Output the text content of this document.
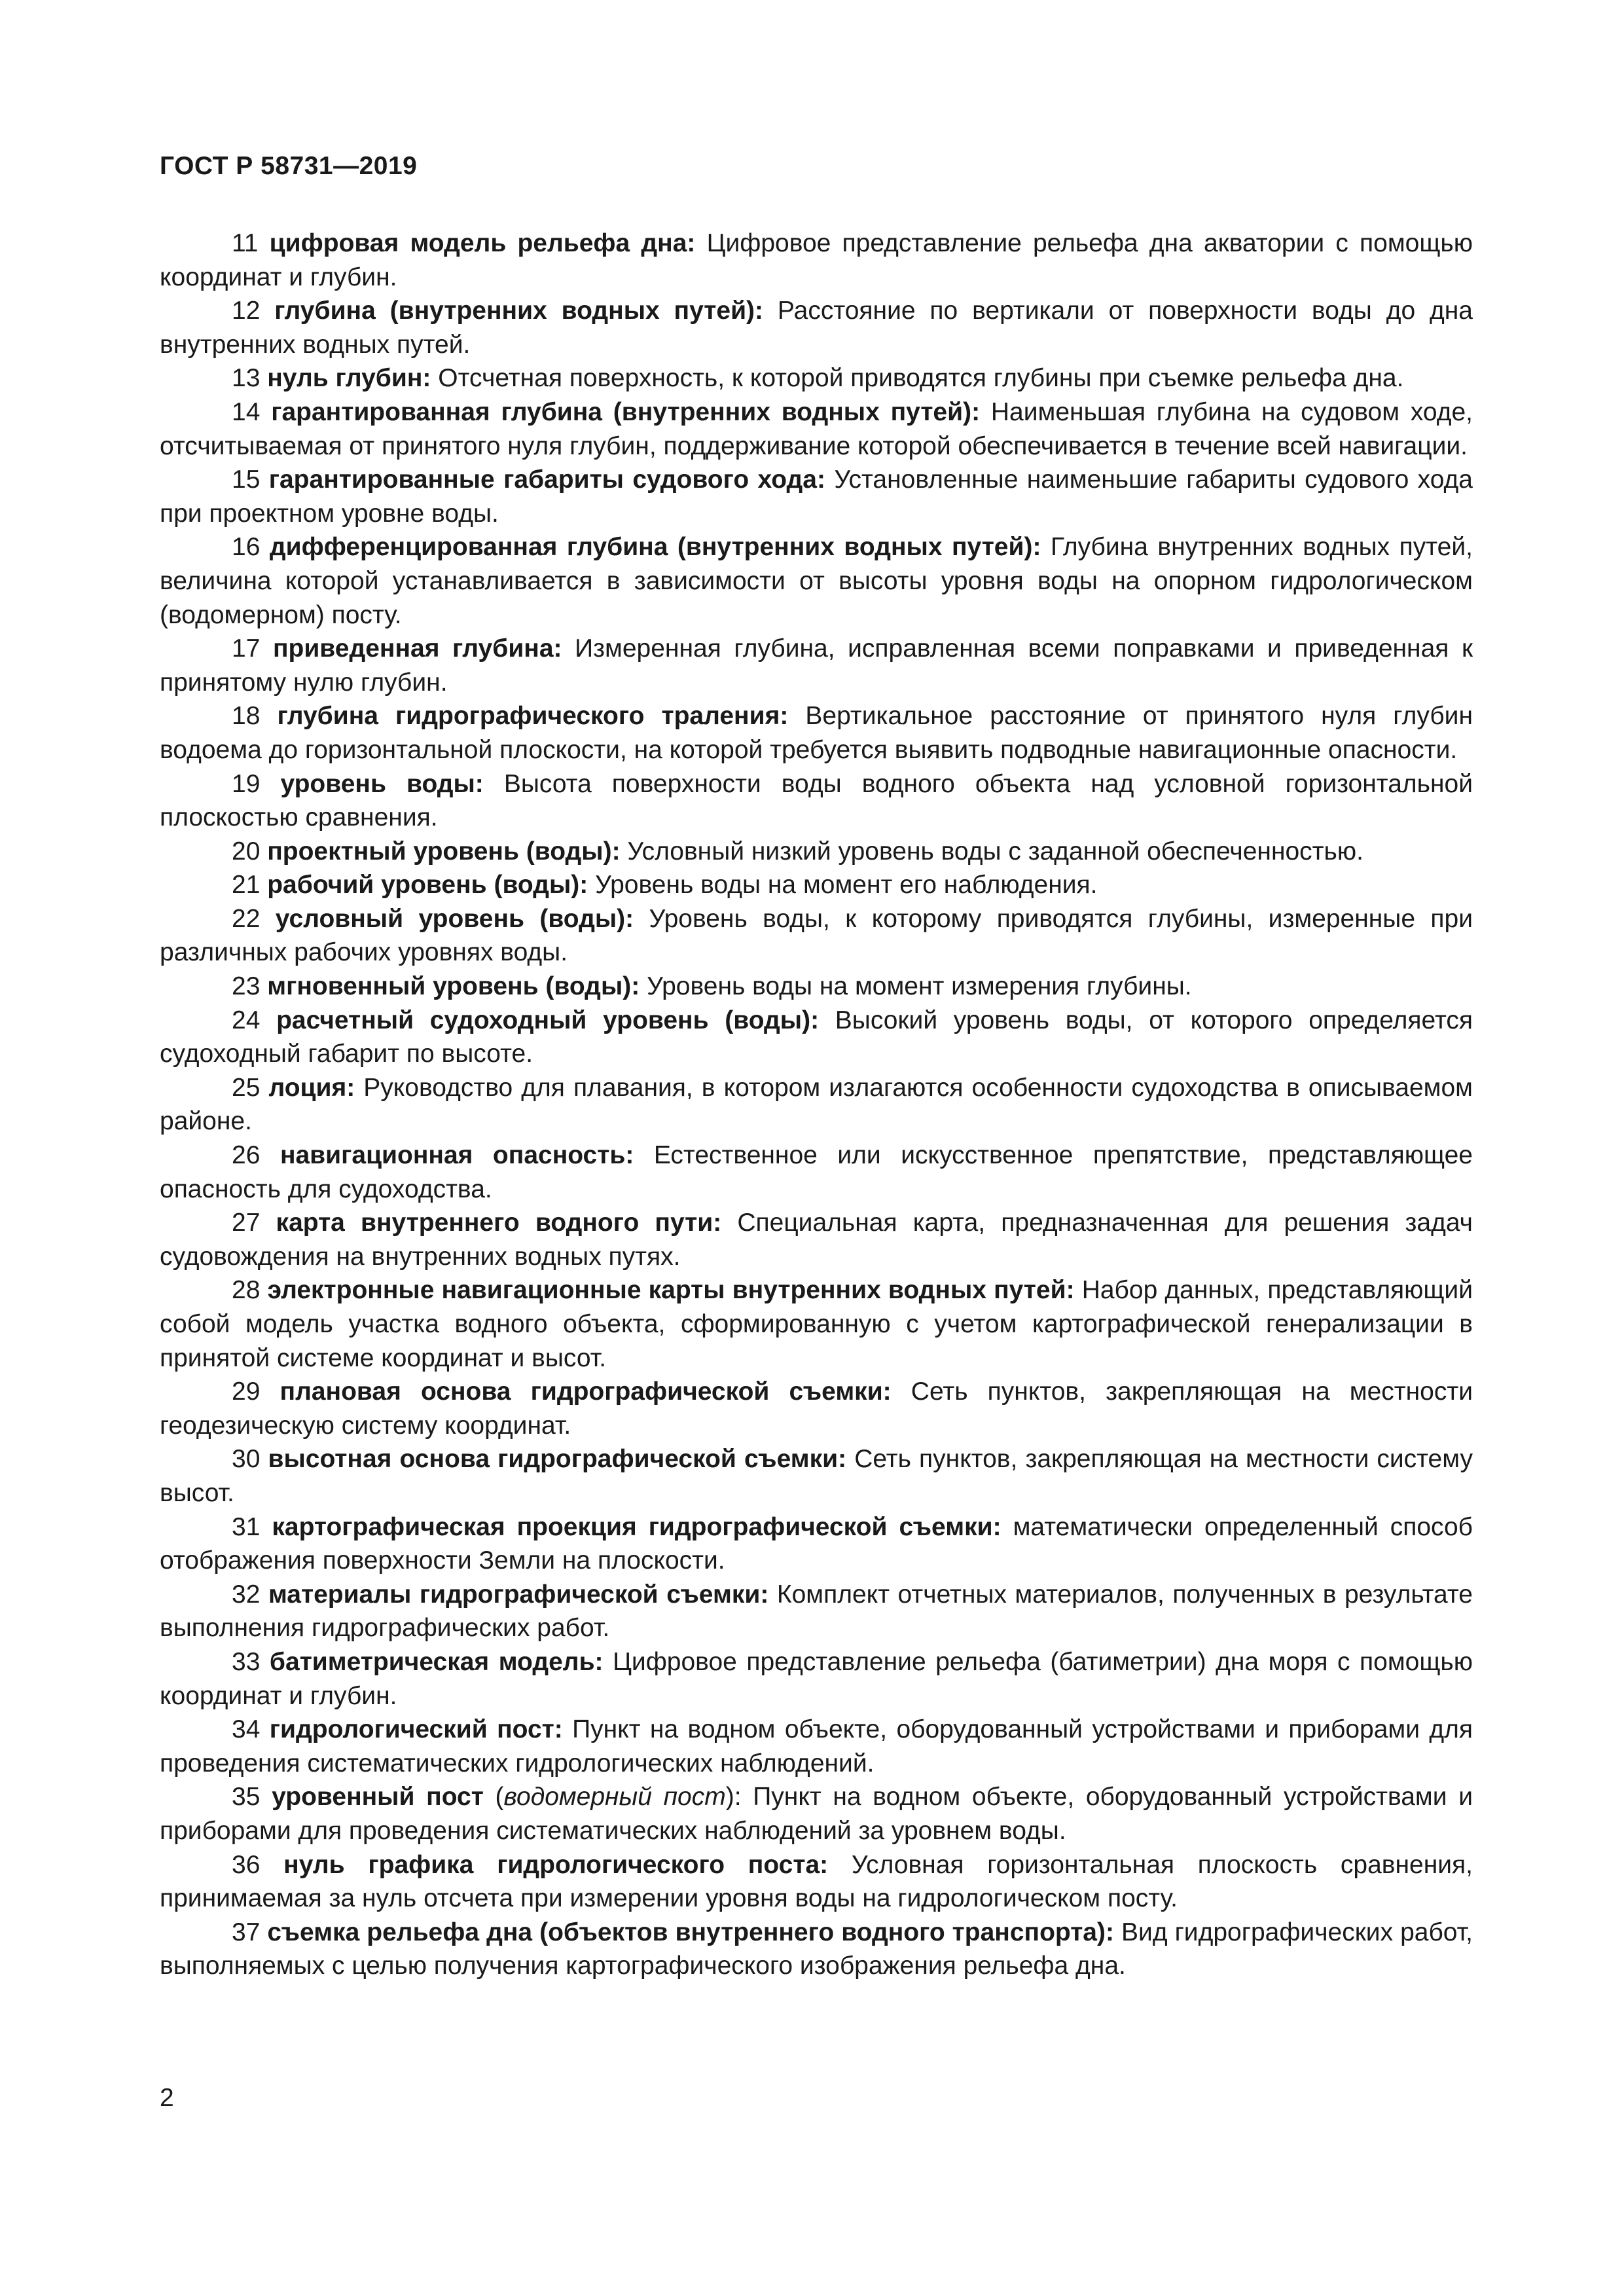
ГОСТ Р 58731—2019

11 цифровая модель рельефа дна: Цифровое представление рельефа дна акватории с помощью координат и глубин.

12 глубина (внутренних водных путей): Расстояние по вертикали от поверхности воды до дна внутренних водных путей.

13 нуль глубин: Отсчетная поверхность, к которой приводятся глубины при съемке рельефа дна.

14 гарантированная глубина (внутренних водных путей): Наименьшая глубина на судовом ходе, отсчитываемая от принятого нуля глубин, поддерживание которой обеспечивается в течение всей навигации.

15 гарантированные габариты судового хода: Установленные наименьшие габариты судового хода при проектном уровне воды.

16 дифференцированная глубина (внутренних водных путей): Глубина внутренних водных путей, величина которой устанавливается в зависимости от высоты уровня воды на опорном гидрологическом (водомерном) посту.

17 приведенная глубина: Измеренная глубина, исправленная всеми поправками и приведенная к принятому нулю глубин.

18 глубина гидрографического траления: Вертикальное расстояние от принятого нуля глубин водоема до горизонтальной плоскости, на которой требуется выявить подводные навигационные опасности.

19 уровень воды: Высота поверхности воды водного объекта над условной горизонтальной плоскостью сравнения.

20 проектный уровень (воды): Условный низкий уровень воды с заданной обеспеченностью.

21 рабочий уровень (воды): Уровень воды на момент его наблюдения.

22 условный уровень (воды): Уровень воды, к которому приводятся глубины, измеренные при различных рабочих уровнях воды.

23 мгновенный уровень (воды): Уровень воды на момент измерения глубины.

24 расчетный судоходный уровень (воды): Высокий уровень воды, от которого определяется судоходный габарит по высоте.

25 лоция: Руководство для плавания, в котором излагаются особенности судоходства в описываемом районе.

26 навигационная опасность: Естественное или искусственное препятствие, представляющее опасность для судоходства.

27 карта внутреннего водного пути: Специальная карта, предназначенная для решения задач судовождения на внутренних водных путях.

28 электронные навигационные карты внутренних водных путей: Набор данных, представляющий собой модель участка водного объекта, сформированную с учетом картографической генерализации в принятой системе координат и высот.

29 плановая основа гидрографической съемки: Сеть пунктов, закрепляющая на местности геодезическую систему координат.

30 высотная основа гидрографической съемки: Сеть пунктов, закрепляющая на местности систему высот.

31 картографическая проекция гидрографической съемки: математически определенный способ отображения поверхности Земли на плоскости.

32 материалы гидрографической съемки: Комплект отчетных материалов, полученных в результате выполнения гидрографических работ.

33 батиметрическая модель: Цифровое представление рельефа (батиметрии) дна моря с помощью координат и глубин.

34 гидрологический пост: Пункт на водном объекте, оборудованный устройствами и приборами для проведения систематических гидрологических наблюдений.

35 уровенный пост (водомерный пост): Пункт на водном объекте, оборудованный устройствами и приборами для проведения систематических наблюдений за уровнем воды.

36 нуль графика гидрологического поста: Условная горизонтальная плоскость сравнения, принимаемая за нуль отсчета при измерении уровня воды на гидрологическом посту.

37 съемка рельефа дна (объектов внутреннего водного транспорта): Вид гидрографических работ, выполняемых с целью получения картографического изображения рельефа дна.

2
